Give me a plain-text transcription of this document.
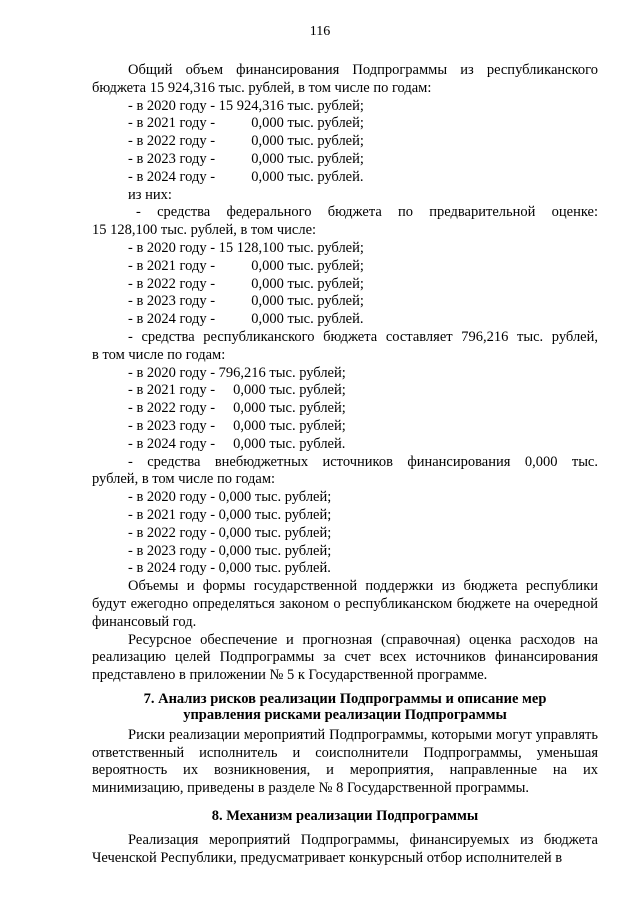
116
Общий объем финансирования Подпрограммы из республиканского
бюджета 15 924,316 тыс. рублей, в том числе по годам:
- в 2020 году - 15 924,316 тыс. рублей;
- в 2021 году -          0,000 тыс. рублей;
- в 2022 году -          0,000 тыс. рублей;
- в 2023 году -          0,000 тыс. рублей;
- в 2024 году -          0,000 тыс. рублей.
из них:
- средства федерального бюджета по предварительной оценке:
15 128,100 тыс. рублей, в том числе:
- в 2020 году - 15 128,100 тыс. рублей;
- в 2021 году -          0,000 тыс. рублей;
- в 2022 году -          0,000 тыс. рублей;
- в 2023 году -          0,000 тыс. рублей;
- в 2024 году -          0,000 тыс. рублей.
- средства республиканского бюджета составляет 796,216 тыс. рублей,
в том числе по годам:
- в 2020 году - 796,216 тыс. рублей;
- в 2021 году -     0,000 тыс. рублей;
- в 2022 году -     0,000 тыс. рублей;
- в 2023 году -     0,000 тыс. рублей;
- в 2024 году -     0,000 тыс. рублей.
- средства внебюджетных источников финансирования 0,000 тыс.
рублей, в том числе по годам:
- в 2020 году - 0,000 тыс. рублей;
- в 2021 году - 0,000 тыс. рублей;
- в 2022 году - 0,000 тыс. рублей;
- в 2023 году - 0,000 тыс. рублей;
- в 2024 году - 0,000 тыс. рублей.
Объемы и формы государственной поддержки из бюджета республики будут ежегодно определяться законом о республиканском бюджете на очередной финансовый год.
Ресурсное обеспечение и прогнозная (справочная) оценка расходов на реализацию целей Подпрограммы за счет всех источников финансирования представлено в приложении № 5 к Государственной программе.
7. Анализ рисков реализации Подпрограммы и описание мер
управления рисками реализации Подпрограммы
Риски реализации мероприятий Подпрограммы, которыми могут управлять ответственный исполнитель и соисполнители Подпрограммы, уменьшая вероятность их возникновения, и мероприятия, направленные на их минимизацию, приведены в разделе № 8 Государственной программы.
8. Механизм реализации Подпрограммы
Реализация мероприятий Подпрограммы, финансируемых из бюджета Чеченской Республики, предусматривает конкурсный отбор исполнителей в
